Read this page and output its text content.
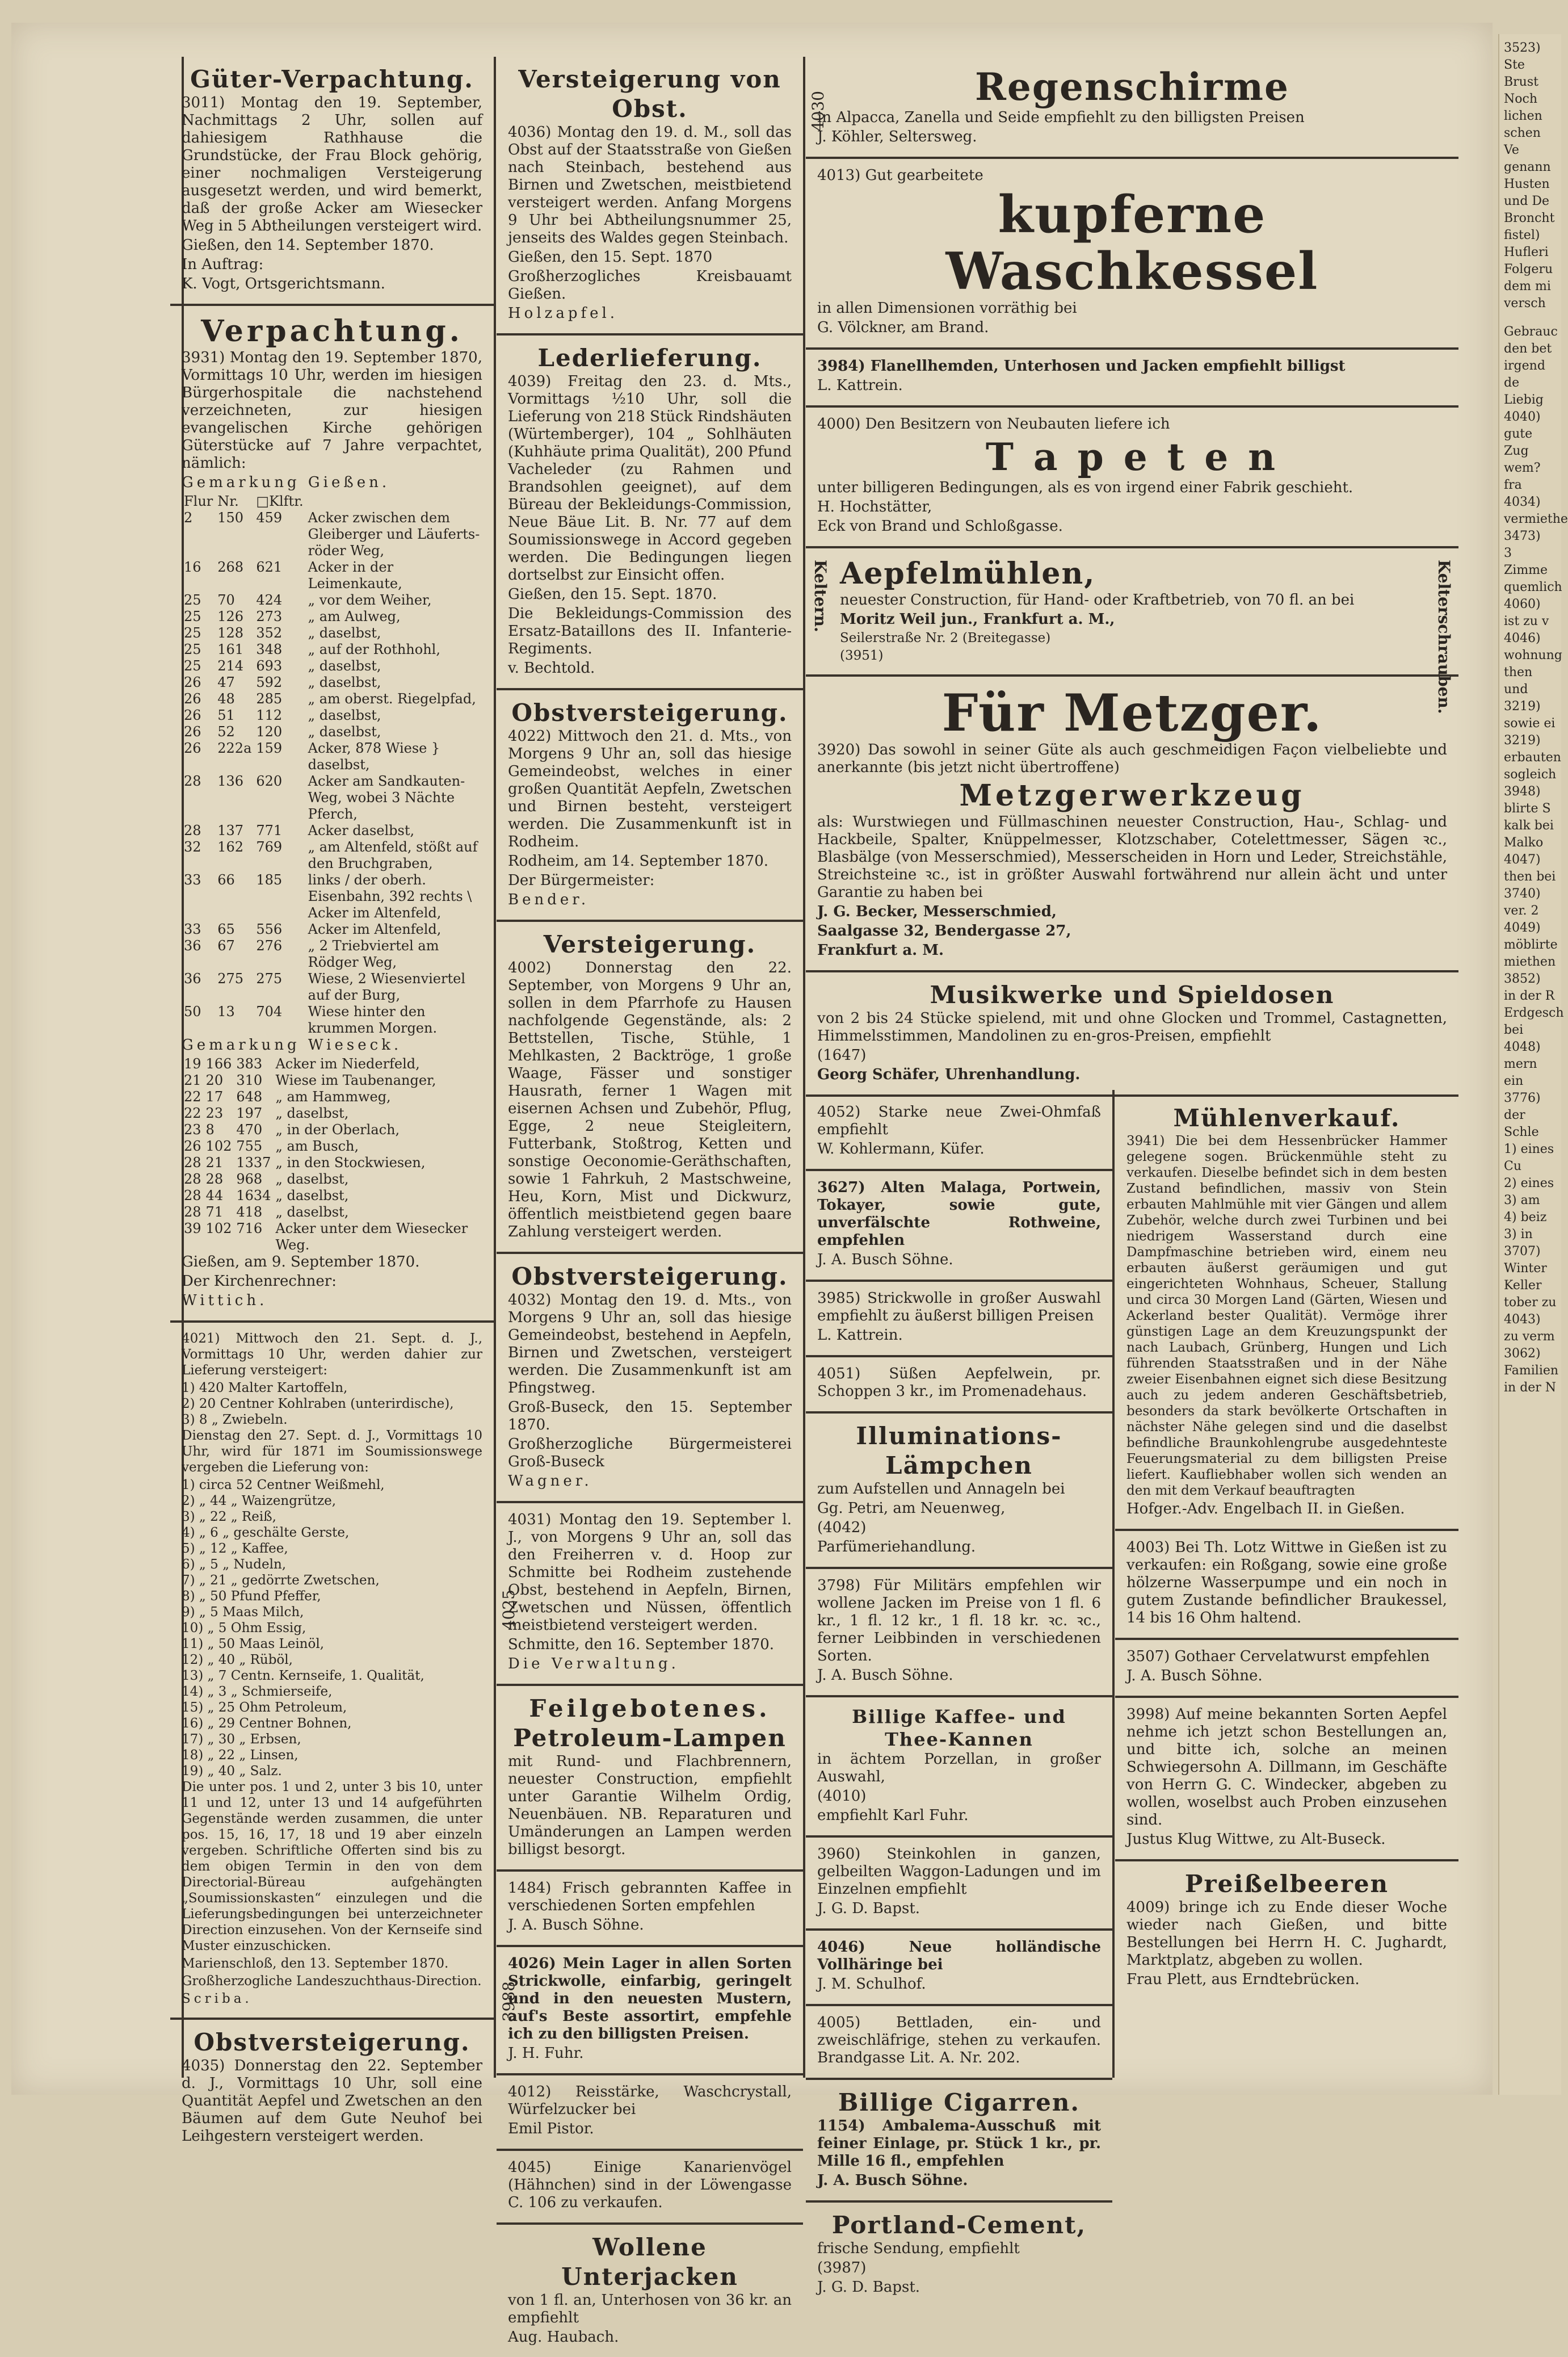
Güter-Verpachtung.

3011) Montag den 19. September, Nachmittags 2 Uhr, sollen auf dahiesigem Rathhause die Grundstücke, der Frau Block gehörig, einer nochmaligen Versteigerung ausgesetzt werden, und wird bemerkt, daß der große Acker am Wiesecker Weg in 5 Abtheilungen versteigert wird.

Gießen, den 14. September 1870.

In Auftrag:

K. Vogt, Ortsgerichtsmann.

Verpachtung.

3931) Montag den 19. September 1870, Vormittags 10 Uhr, werden im hiesigen Bürgerhospitale die nachstehend verzeichneten, zur hiesigen evangelischen Kirche gehörigen Güterstücke auf 7 Jahre verpachtet, nämlich:

Gemarkung Gießen.

Flur	Nr.	□Klftr.	
2	150	459	Acker zwischen dem Gleiberger und Läufertsröder Weg,
16	268	621	Acker in der Leimenkaute,
25	70	424	„ vor dem Weiher,
25	126	273	„ am Aulweg,
25	128	352	„ daselbst,
25	161	348	„ auf der Rothhohl,
25	214	693	„ daselbst,
26	47	592	„ daselbst,
26	48	285	„ am oberst. Riegelpfad,
26	51	112	„ daselbst,
26	52	120	„ daselbst,
26	222a	159	Acker, 878 Wiese } daselbst,
28	136	620	Acker am Sandkauten-Weg, wobei 3 Nächte Pferch,
28	137	771	Acker daselbst,
32	162	769	„ am Altenfeld, stößt auf den Bruchgraben,
33	66	185	links / der oberh. Eisenbahn, 392 rechts \ Acker im Altenfeld,
33	65	556	Acker im Altenfeld,
36	67	276	„ 2 Triebviertel am Rödger Weg,
36	275	275	Wiese, 2 Wiesenviertel auf der Burg,
50	13	704	Wiese hinter den krummen Morgen.

Gemarkung Wieseck.

19	166	383	Acker im Niederfeld,
21	20	310	Wiese im Taubenanger,
22	17	648	„ am Hammweg,
22	23	197	„ daselbst,
23	8	470	„ in der Oberlach,
26	102	755	„ am Busch,
28	21	1337	„ in den Stockwiesen,
28	28	968	„ daselbst,
28	44	1634	„ daselbst,
28	71	418	„ daselbst,
39	102	716	Acker unter dem Wiesecker Weg.

Gießen, am 9. September 1870.

Der Kirchenrechner:

Wittich.

4021) Mittwoch den 21. Sept. d. J., Vormittags 10 Uhr, werden dahier zur Lieferung versteigert:

1) 420 Malter Kartoffeln,
2) 20 Centner Kohlraben (unterirdische),
3) 8 „ Zwiebeln.

Dienstag den 27. Sept. d. J., Vormittags 10 Uhr, wird für 1871 im Soumissionswege vergeben die Lieferung von:

1) circa 52 Centner Weißmehl,
2) „ 44 „ Waizengrütze,
3) „ 22 „ Reiß,
4) „ 6 „ geschälte Gerste,
5) „ 12 „ Kaffee,
6) „ 5 „ Nudeln,
7) „ 21 „ gedörrte Zwetschen,
8) „ 50 Pfund Pfeffer,
9) „ 5 Maas Milch,
10) „ 5 Ohm Essig,
11) „ 50 Maas Leinöl,
12) „ 40 „ Rüböl,
13) „ 7 Centn. Kernseife, 1. Qualität,
14) „ 3 „ Schmierseife,
15) „ 25 Ohm Petroleum,
16) „ 29 Centner Bohnen,
17) „ 30 „ Erbsen,
18) „ 22 „ Linsen,
19) „ 40 „ Salz.

Die unter pos. 1 und 2, unter 3 bis 10, unter 11 und 12, unter 13 und 14 aufgeführten Gegenstände werden zusammen, die unter pos. 15, 16, 17, 18 und 19 aber einzeln vergeben. Schriftliche Offerten sind bis zu dem obigen Termin in den von dem Directorial-Büreau aufgehängten „Soumissionskasten“ einzulegen und die Lieferungsbedingungen bei unterzeichneter Direction einzusehen. Von der Kernseife sind Muster einzuschicken.

Marienschloß, den 13. September 1870.

Großherzogliche Landeszuchthaus-Direction.

Scriba.

Obstversteigerung.

4035) Donnerstag den 22. September d. J., Vormittags 10 Uhr, soll eine Quantität Aepfel und Zwetschen an den Bäumen auf dem Gute Neuhof bei Leihgestern versteigert werden.

Versteigerung von Obst.

4036) Montag den 19. d. M., soll das Obst auf der Staatsstraße von Gießen nach Steinbach, bestehend aus Birnen und Zwetschen, meistbietend versteigert werden. Anfang Morgens 9 Uhr bei Abtheilungsnummer 25, jenseits des Waldes gegen Steinbach.

Gießen, den 15. Sept. 1870

Großherzogliches Kreisbauamt Gießen.

Holzapfel.

Lederlieferung.

4039) Freitag den 23. d. Mts., Vormittags ½10 Uhr, soll die Lieferung von 218 Stück Rindshäuten (Würtemberger), 104 „ Sohlhäuten (Kuhhäute prima Qualität), 200 Pfund Vacheleder (zu Rahmen und Brandsohlen geeignet), auf dem Büreau der Bekleidungs-Commission, Neue Bäue Lit. B. Nr. 77 auf dem Soumissionswege in Accord gegeben werden. Die Bedingungen liegen dortselbst zur Einsicht offen.

Gießen, den 15. Sept. 1870.

Die Bekleidungs-Commission des Ersatz-Bataillons des II. Infanterie-Regiments.

v. Bechtold.

Obstversteigerung.

4022) Mittwoch den 21. d. Mts., von Morgens 9 Uhr an, soll das hiesige Gemeindeobst, welches in einer großen Quantität Aepfeln, Zwetschen und Birnen besteht, versteigert werden. Die Zusammenkunft ist in Rodheim.

Rodheim, am 14. September 1870.

Der Bürgermeister:

Bender.

Versteigerung.

4002) Donnerstag den 22. September, von Morgens 9 Uhr an, sollen in dem Pfarrhofe zu Hausen nachfolgende Gegenstände, als: 2 Bettstellen, Tische, Stühle, 1 Mehlkasten, 2 Backtröge, 1 große Waage, Fässer und sonstiger Hausrath, ferner 1 Wagen mit eisernen Achsen und Zubehör, Pflug, Egge, 2 neue Steigleitern, Futterbank, Stoßtrog, Ketten und sonstige Oeconomie-Geräthschaften, sowie 1 Fahrkuh, 2 Mastschweine, Heu, Korn, Mist und Dickwurz, öffentlich meistbietend gegen baare Zahlung versteigert werden.

Obstversteigerung.

4032) Montag den 19. d. Mts., von Morgens 9 Uhr an, soll das hiesige Gemeindeobst, bestehend in Aepfeln, Birnen und Zwetschen, versteigert werden. Die Zusammenkunft ist am Pfingstweg.

Groß-Buseck, den 15. September 1870.

Großherzogliche Bürgermeisterei Groß-Buseck

Wagner.

4031) Montag den 19. September l. J., von Morgens 9 Uhr an, soll das den Freiherren v. d. Hoop zur Schmitte bei Rodheim zustehende Obst, bestehend in Aepfeln, Birnen, Zwetschen und Nüssen, öffentlich meistbietend versteigert werden.

Schmitte, den 16. September 1870.

Die Verwaltung.

Feilgebotenes.
Petroleum-Lampen

mit Rund- und Flachbrennern, neuester Construction, empfiehlt unter Garantie Wilhelm Ordig, Neuenbäuen. NB. Reparaturen und Umänderungen an Lampen werden billigst besorgt.

1484) Frisch gebrannten Kaffee in verschiedenen Sorten empfehlen

J. A. Busch Söhne.

4026) Mein Lager in allen Sorten Strickwolle, einfarbig, geringelt und in den neuesten Mustern, auf's Beste assortirt, empfehle ich zu den billigsten Preisen.

J. H. Fuhr.

4012) Reisstärke, Waschcrystall, Würfelzucker bei

Emil Pistor.

4045) Einige Kanarienvögel (Hähnchen) sind in der Löwengasse C. 106 zu verkaufen.

Wollene Unterjacken

von 1 fl. an, Unterhosen von 36 kr. an empfiehlt

Aug. Haubach.

Regenschirme

in Alpacca, Zanella und Seide empfiehlt zu den billigsten Preisen

J. Köhler, Seltersweg.

4013) Gut gearbeitete

kupferne Waschkessel

in allen Dimensionen vorräthig bei

G. Völckner, am Brand.

3984) Flanellhemden, Unterhosen und Jacken empfiehlt billigst

L. Kattrein.

4000) Den Besitzern von Neubauten liefere ich

T a p e t e n

unter billigeren Bedingungen, als es von irgend einer Fabrik geschieht.

H. Hochstätter,

Eck von Brand und Schloßgasse.

Keltern.	Kelterschrauben.
Aepfelmühlen,

neuester Construction, für Hand- oder Kraftbetrieb, von 70 fl. an bei

Moritz Weil jun., Frankfurt a. M.,

Seilerstraße Nr. 2 (Breitegasse)

(3951)

Für Metzger.

3920) Das sowohl in seiner Güte als auch geschmeidigen Façon vielbeliebte und anerkannte (bis jetzt nicht übertroffene)

Metzgerwerkzeug

als: Wurstwiegen und Füllmaschinen neuester Construction, Hau-, Schlag- und Hackbeile, Spalter, Knüppelmesser, Klotzschaber, Cotelettmesser, Sägen ꝛc., Blasbälge (von Messerschmied), Messerscheiden in Horn und Leder, Streichstähle, Streichsteine ꝛc., ist in größter Auswahl fortwährend nur allein ächt und unter Garantie zu haben bei

J. G. Becker, Messerschmied,

Saalgasse 32, Bendergasse 27,

Frankfurt a. M.

Musikwerke und Spieldosen

von 2 bis 24 Stücke spielend, mit und ohne Glocken und Trommel, Castagnetten, Himmelsstimmen, Mandolinen zu en-gros-Preisen, empfiehlt

(1647)

Georg Schäfer, Uhrenhandlung.

4052) Starke neue Zwei-Ohmfaß empfiehlt

W. Kohlermann, Küfer.

3627) Alten Malaga, Portwein, Tokayer, sowie gute, unverfälschte Rothweine, empfehlen

J. A. Busch Söhne.

3985) Strickwolle in großer Auswahl empfiehlt zu äußerst billigen Preisen

L. Kattrein.

4051) Süßen Aepfelwein, pr. Schoppen 3 kr., im Promenadehaus.

Illuminations-Lämpchen

zum Aufstellen und Annageln bei

Gg. Petri, am Neuenweg,

(4042)

Parfümeriehandlung.

3798) Für Militärs empfehlen wir wollene Jacken im Preise von 1 fl. 6 kr., 1 fl. 12 kr., 1 fl. 18 kr. ꝛc. ꝛc., ferner Leibbinden in verschiedenen Sorten.

J. A. Busch Söhne.

Billige Kaffee- und Thee-Kannen

in ächtem Porzellan, in großer Auswahl,

(4010)

empfiehlt Karl Fuhr.

3960) Steinkohlen in ganzen, gelbeilten Waggon-Ladungen und im Einzelnen empfiehlt

J. G. D. Bapst.

4046) Neue holländische Vollhäringe bei

J. M. Schulhof.

4005) Bettladen, ein- und zweischläfrige, stehen zu verkaufen. Brandgasse Lit. A. Nr. 202.

Billige Cigarren.

1154) Ambalema-Ausschuß mit feiner Einlage, pr. Stück 1 kr., pr. Mille 16 fl., empfehlen

J. A. Busch Söhne.

Portland-Cement,

frische Sendung, empfiehlt

(3987)

J. G. D. Bapst.

Mühlenverkauf.

3941) Die bei dem Hessenbrücker Hammer gelegene sogen. Brückenmühle steht zu verkaufen. Dieselbe befindet sich in dem besten Zustand befindlichen, massiv von Stein erbauten Mahlmühle mit vier Gängen und allem Zubehör, welche durch zwei Turbinen und bei niedrigem Wasserstand durch eine Dampfmaschine betrieben wird, einem neu erbauten äußerst geräumigen und gut eingerichteten Wohnhaus, Scheuer, Stallung und circa 30 Morgen Land (Gärten, Wiesen und Ackerland bester Qualität). Vermöge ihrer günstigen Lage an dem Kreuzungspunkt der nach Laubach, Grünberg, Hungen und Lich führenden Staatsstraßen und in der Nähe zweier Eisenbahnen eignet sich diese Besitzung auch zu jedem anderen Geschäftsbetrieb, besonders da stark bevölkerte Ortschaften in nächster Nähe gelegen sind und die daselbst befindliche Braunkohlengrube ausgedehnteste Feuerungsmaterial zu dem billigsten Preise liefert. Kaufliebhaber wollen sich wenden an den mit dem Verkauf beauftragten

Hofger.-Adv. Engelbach II. in Gießen.

4003) Bei Th. Lotz Wittwe in Gießen ist zu verkaufen: ein Roßgang, sowie eine große hölzerne Wasserpumpe und ein noch in gutem Zustande befindlicher Braukessel, 14 bis 16 Ohm haltend.

3507) Gothaer Cervelatwurst empfehlen

J. A. Busch Söhne.

3998) Auf meine bekannten Sorten Aepfel nehme ich jetzt schon Bestellungen an, und bitte ich, solche an meinen Schwiegersohn A. Dillmann, im Geschäfte von Herrn G. C. Windecker, abgeben zu wollen, woselbst auch Proben einzusehen sind.

Justus Klug Wittwe, zu Alt-Buseck.

Preißelbeeren

4009) bringe ich zu Ende dieser Woche wieder nach Gießen, und bitte Bestellungen bei Herrn H. C. Jughardt, Marktplatz, abgeben zu wollen.

Frau Plett, aus Erndtebrücken.

4030
4025
3988
3523)
Ste
Brust
Noch
lichen
schen Ve
genann
Husten
und De
Broncht
fistel)
Hufleri
Folgeru
dem mi
versch
Gebrauc
den bet
irgend de
Liebig
4040)
gute Zug
wem? fra
4034)
vermiethe
3473)
3 Zimme
quemlich
4060)
ist zu v
4046)
wohnung
then und
3219)
sowie ei
3219)
erbauten
sogleich
3948)
blirte S
kalk bei
Malko
4047)
then bei
3740)
ver. 2
4049)
möblirte
miethen
3852)
in der R
Erdgesch
bei
4048)
mern ein
3776)
der Schle
1) eines
Cu
2) eines
3) am
4) beiz
3) in
3707)
Winter
Keller
tober zu
4043)
zu verm
3062)
Familien
in der N
